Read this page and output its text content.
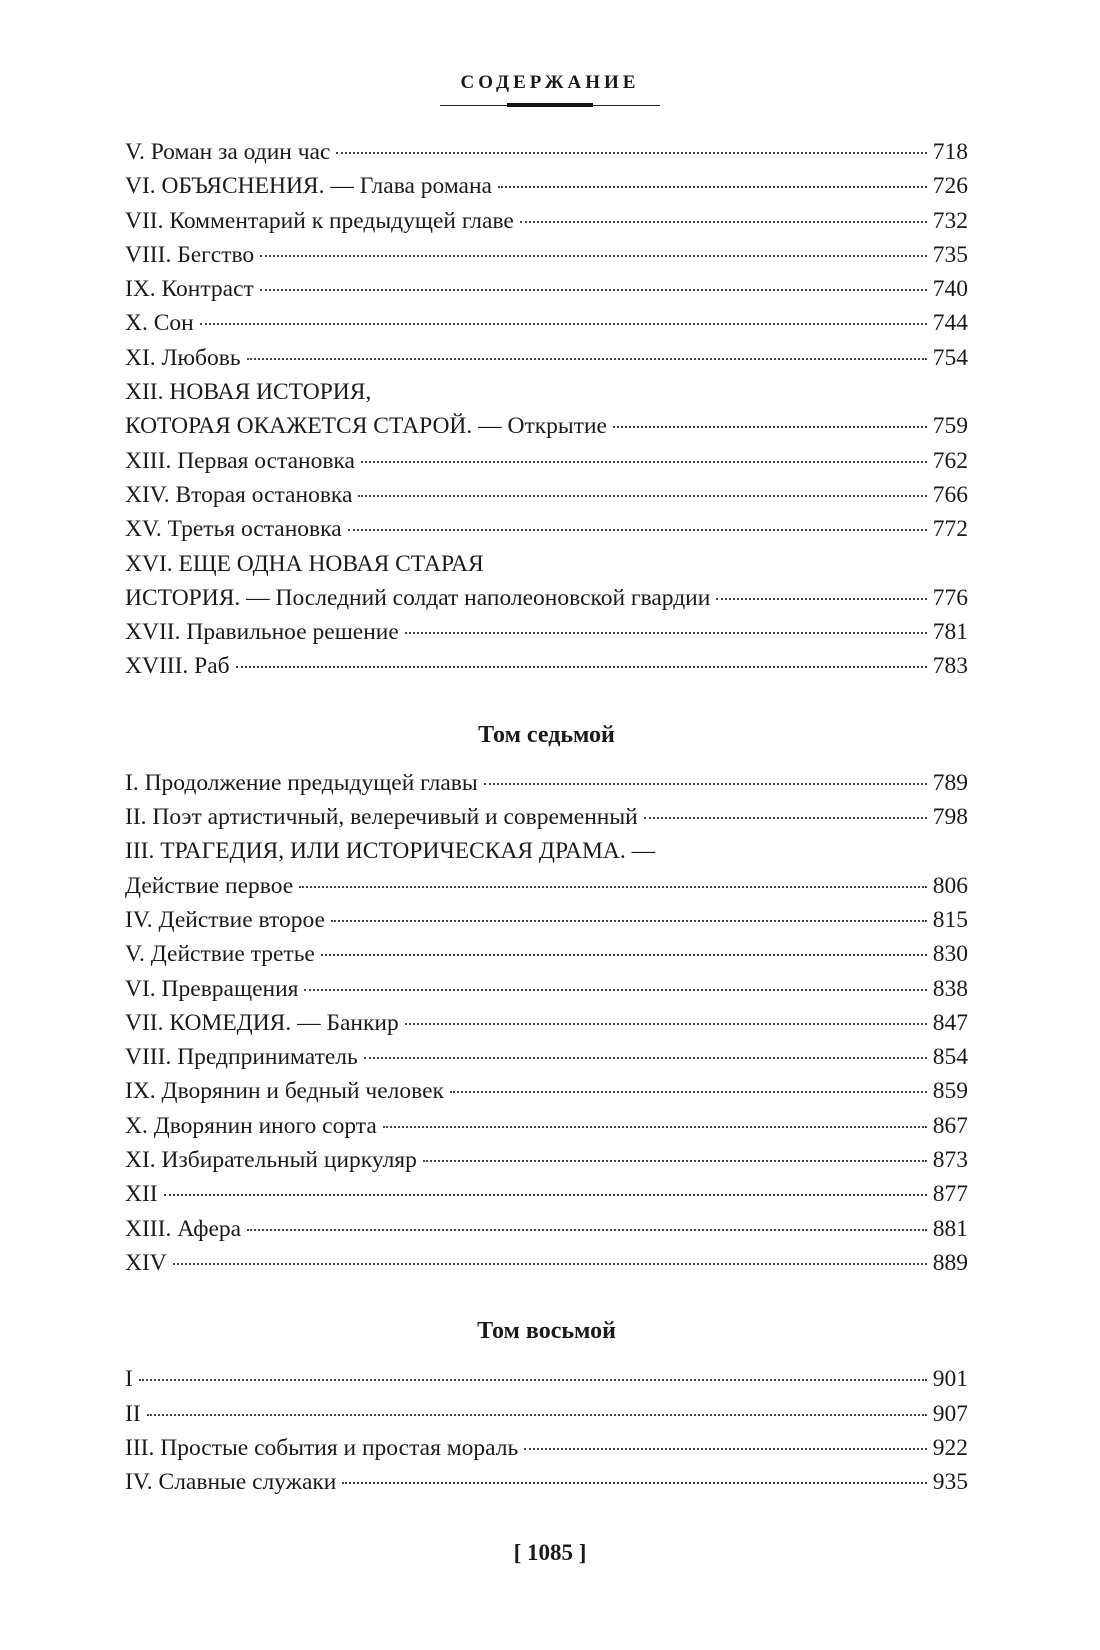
СОДЕРЖАНИЕ
V. Роман за один час	718
VI. ОБЪЯСНЕНИЯ. — Глава романа	726
VII. Комментарий к предыдущей главе	732
VIII. Бегство	735
IX. Контраст	740
X. Сон	744
XI. Любовь	754
XII. НОВАЯ ИСТОРИЯ,
КОТОРАЯ ОКАЖЕТСЯ СТАРОЙ. — Открытие	759
XIII. Первая остановка	762
XIV. Вторая остановка	766
XV. Третья остановка	772
XVI. ЕЩЕ ОДНА НОВАЯ СТАРАЯ
ИСТОРИЯ. — Последний солдат наполеоновской гвардии	776
XVII. Правильное решение	781
XVIII. Раб	783
Том седьмой
I. Продолжение предыдущей главы	789
II. Поэт артистичный, велеречивый и современный	798
III. ТРАГЕДИЯ, ИЛИ ИСТОРИЧЕСКАЯ ДРАМА. —
Действие первое	806
IV. Действие второе	815
V. Действие третье	830
VI. Превращения	838
VII. КОМЕДИЯ. — Банкир	847
VIII. Предприниматель	854
IX. Дворянин и бедный человек	859
X. Дворянин иного сорта	867
XI. Избирательный циркуляр	873
XII	877
XIII. Афера	881
XIV	889
Том восьмой
I	901
II	907
III. Простые события и простая мораль	922
IV. Славные служаки	935
[ 1085 ]
